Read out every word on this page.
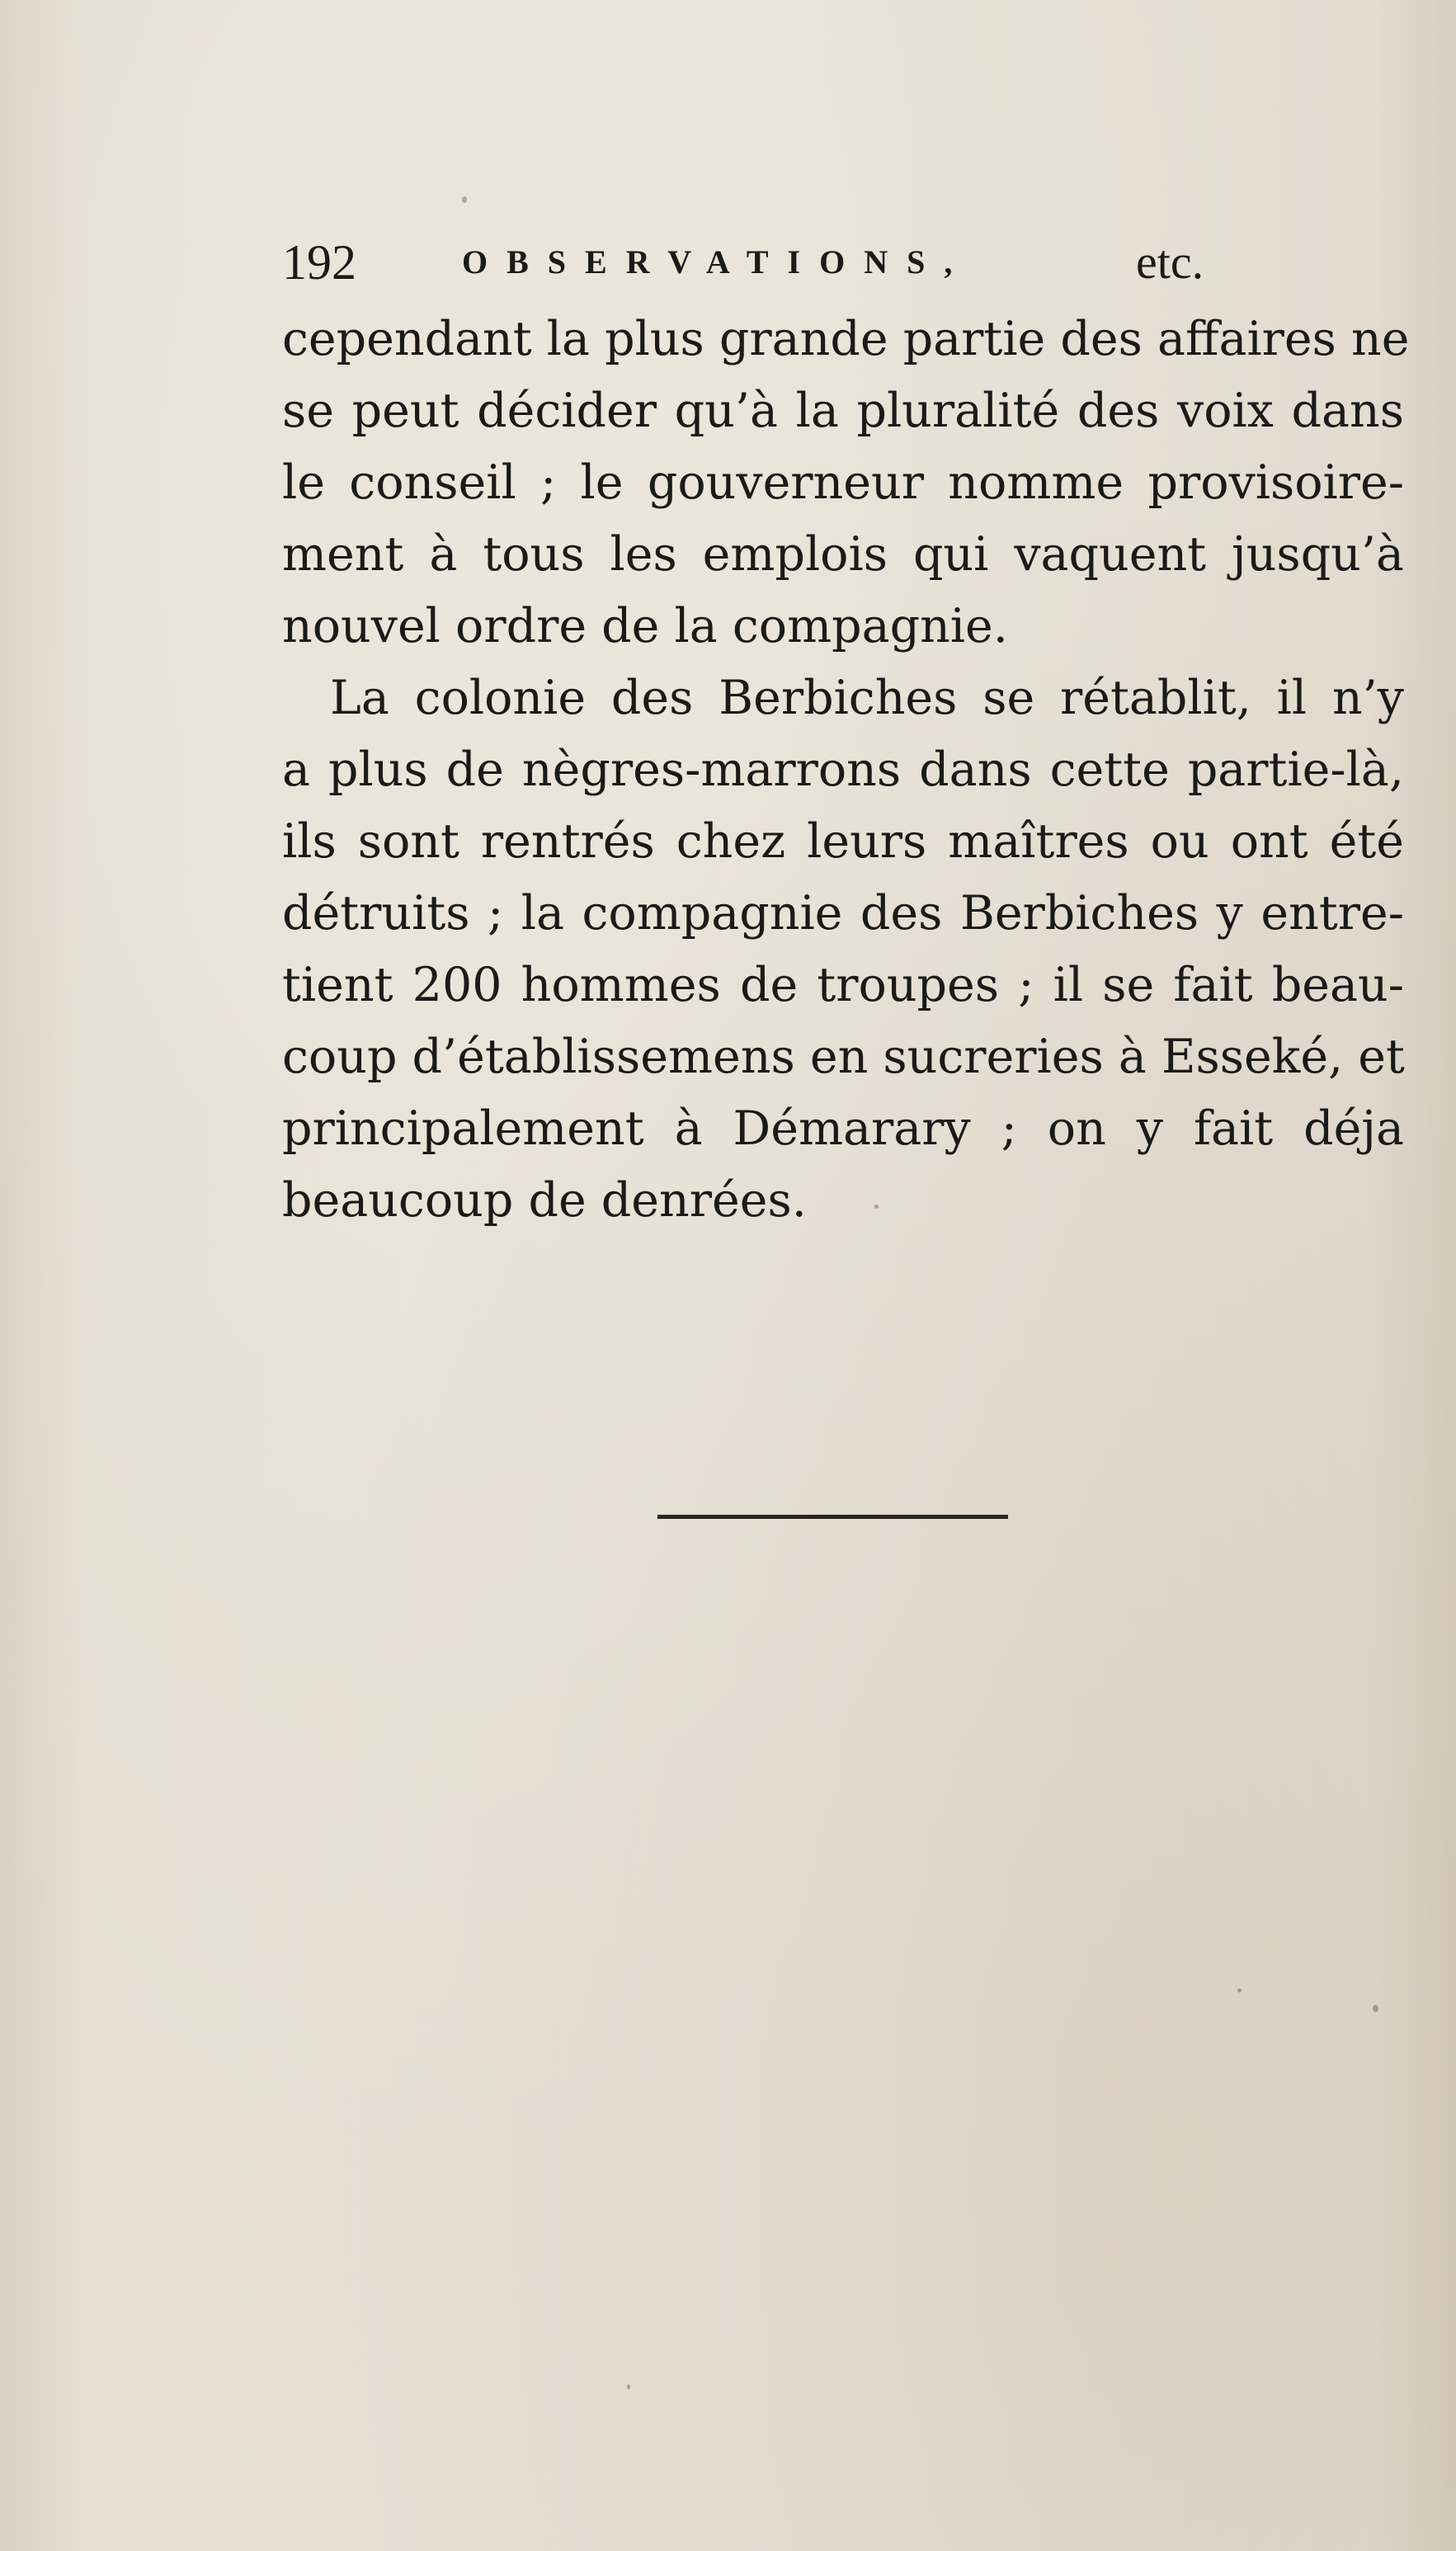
192	OBSERVATIONS,	etc.
cependant la plus grande partie des affaires ne
se peut décider qu’à la pluralité des voix dans
le conseil ; le gouverneur nomme provisoire-
ment à tous les emplois qui vaquent jusqu’à
nouvel ordre de la compagnie.
La colonie des Berbiches se rétablit, il n’y
a plus de nègres-marrons dans cette partie-là,
ils sont rentrés chez leurs maîtres ou ont été
détruits ; la compagnie des Berbiches y entre-
tient 200 hommes de troupes ; il se fait beau-
coup d’établissemens en sucreries à Esseké, et
principalement à Démarary ; on y fait déja
beaucoup de denrées.
